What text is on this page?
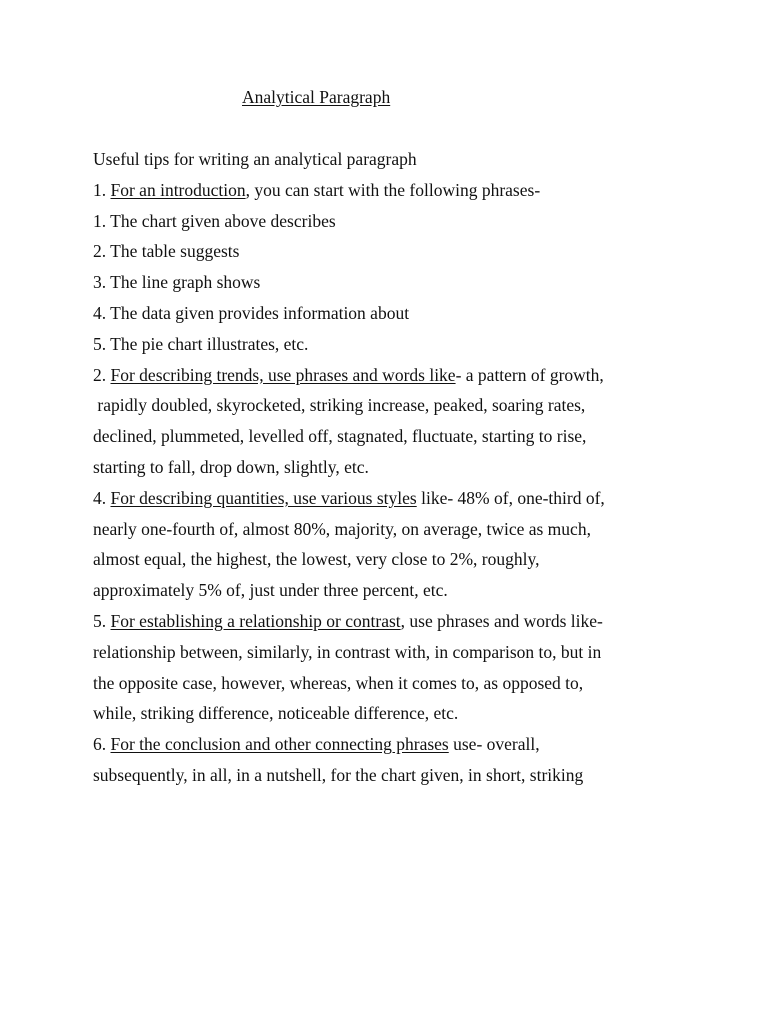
Analytical Paragraph
Useful tips for writing an analytical paragraph
1. For an introduction, you can start with the following phrases-
1. The chart given above describes
2. The table suggests
3. The line graph shows
4. The data given provides information about
5. The pie chart illustrates, etc.
2. For describing trends, use phrases and words like- a pattern of growth,
rapidly doubled, skyrocketed, striking increase, peaked, soaring rates,
declined, plummeted, levelled off, stagnated, fluctuate, starting to rise,
starting to fall, drop down, slightly, etc.
4. For describing quantities, use various styles like- 48% of, one-third of,
nearly one-fourth of, almost 80%, majority, on average, twice as much,
almost equal, the highest, the lowest, very close to 2%, roughly,
approximately 5% of, just under three percent, etc.
5. For establishing a relationship or contrast, use phrases and words like-
relationship between, similarly, in contrast with, in comparison to, but in
the opposite case, however, whereas, when it comes to, as opposed to,
while, striking difference, noticeable difference, etc.
6. For the conclusion and other connecting phrases use- overall,
subsequently, in all, in a nutshell, for the chart given, in short, striking
